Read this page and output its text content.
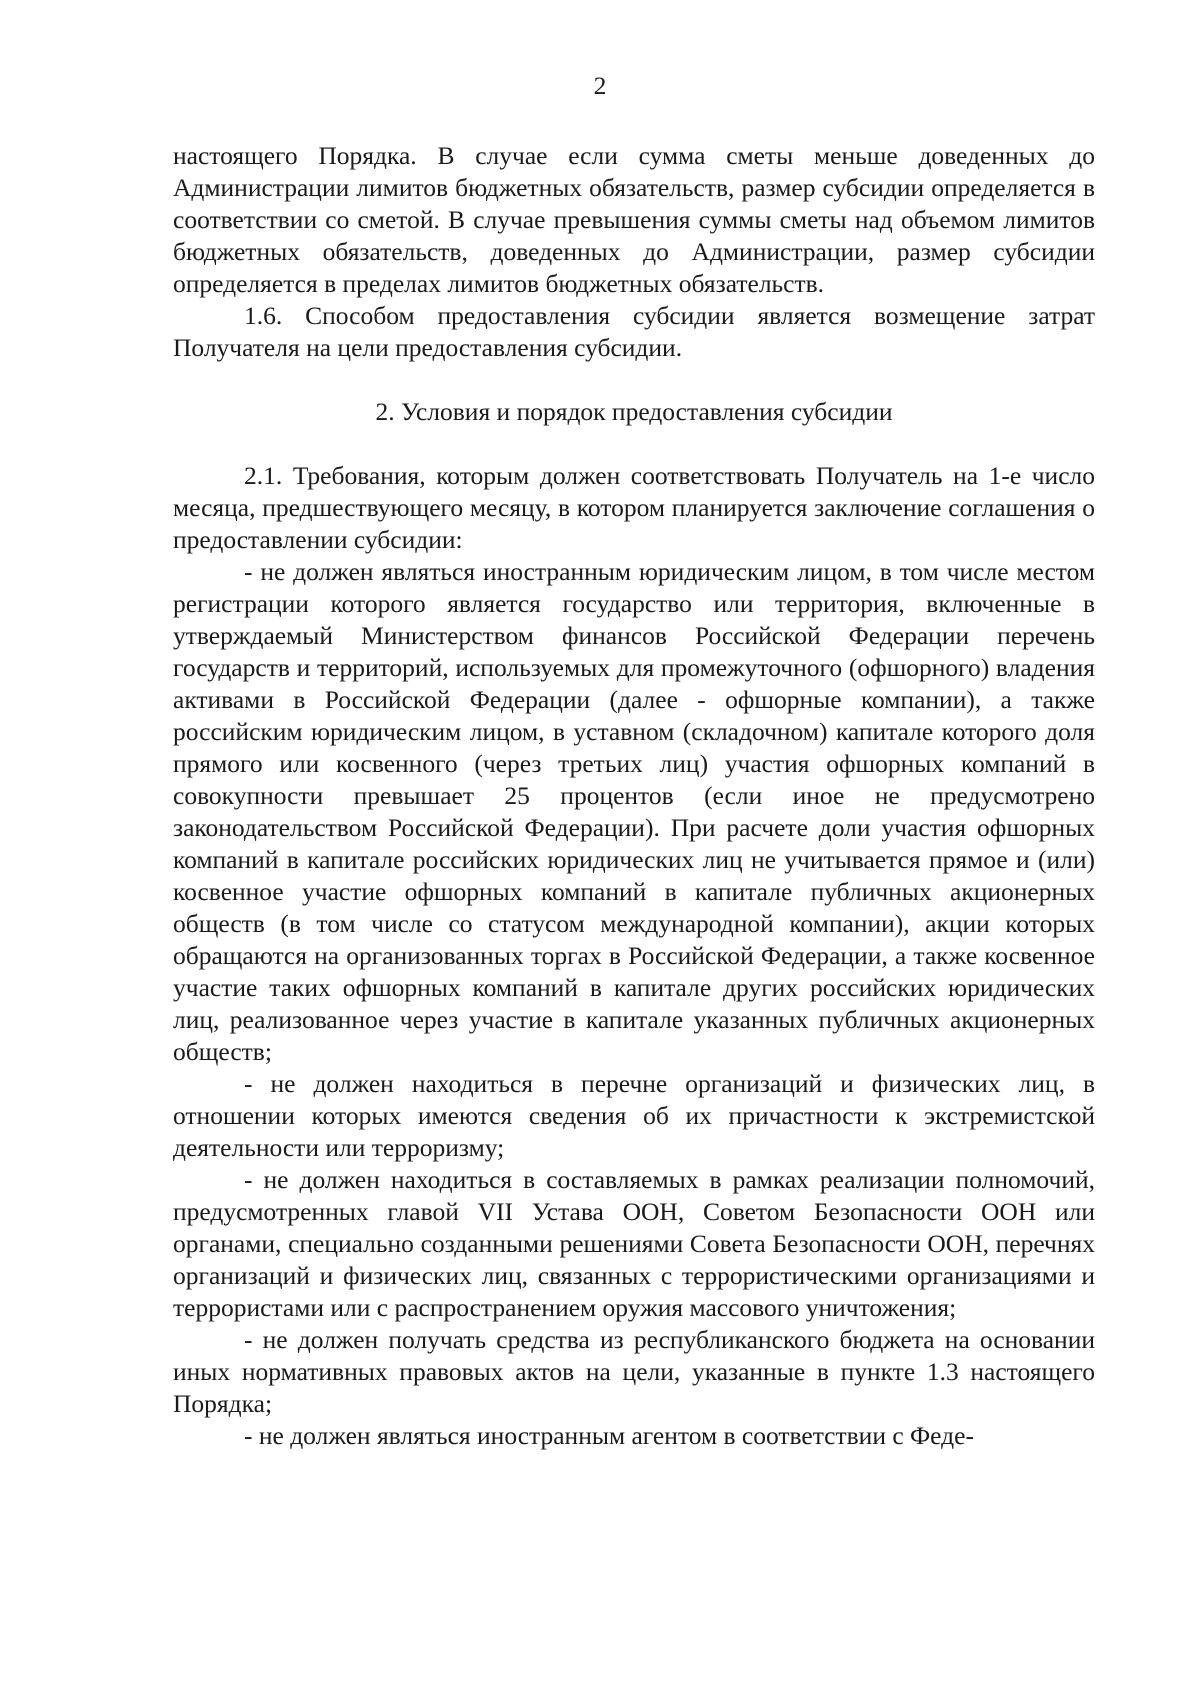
2

настоящего Порядка. В случае если сумма сметы меньше доведенных до Администрации лимитов бюджетных обязательств, размер субсидии определяется в соответствии со сметой. В случае превышения суммы сметы над объемом лимитов бюджетных обязательств, доведенных до Администрации, размер субсидии определяется в пределах лимитов бюджетных обязательств.

1.6. Способом предоставления субсидии является возмещение затрат Получателя на цели предоставления субсидии.

2. Условия и порядок предоставления субсидии

2.1. Требования, которым должен соответствовать Получатель на 1-е число месяца, предшествующего месяцу, в котором планируется заключение соглашения о предоставлении субсидии:

- не должен являться иностранным юридическим лицом, в том числе местом регистрации которого является государство или территория, включенные в утверждаемый Министерством финансов Российской Федерации перечень государств и территорий, используемых для промежуточного (офшорного) владения активами в Российской Федерации (далее - офшорные компании), а также российским юридическим лицом, в уставном (складочном) капитале которого доля прямого или косвенного (через третьих лиц) участия офшорных компаний в совокупности превышает 25 процентов (если иное не предусмотрено законодательством Российской Федерации). При расчете доли участия офшорных компаний в капитале российских юридических лиц не учитывается прямое и (или) косвенное участие офшорных компаний в капитале публичных акционерных обществ (в том числе со статусом международной компании), акции которых обращаются на организованных торгах в Российской Федерации, а также косвенное участие таких офшорных компаний в капитале других российских юридических лиц, реализованное через участие в капитале указанных публичных акционерных обществ;

- не должен находиться в перечне организаций и физических лиц, в отношении которых имеются сведения об их причастности к экстремистской деятельности или терроризму;

- не должен находиться в составляемых в рамках реализации полномочий, предусмотренных главой VII Устава ООН, Советом Безопасности ООН или органами, специально созданными решениями Совета Безопасности ООН, перечнях организаций и физических лиц, связанных с террористическими организациями и террористами или с распространением оружия массового уничтожения;

- не должен получать средства из республиканского бюджета на основании иных нормативных правовых актов на цели, указанные в пункте 1.3 настоящего Порядка;

- не должен являться иностранным агентом в соответствии с Феде-
